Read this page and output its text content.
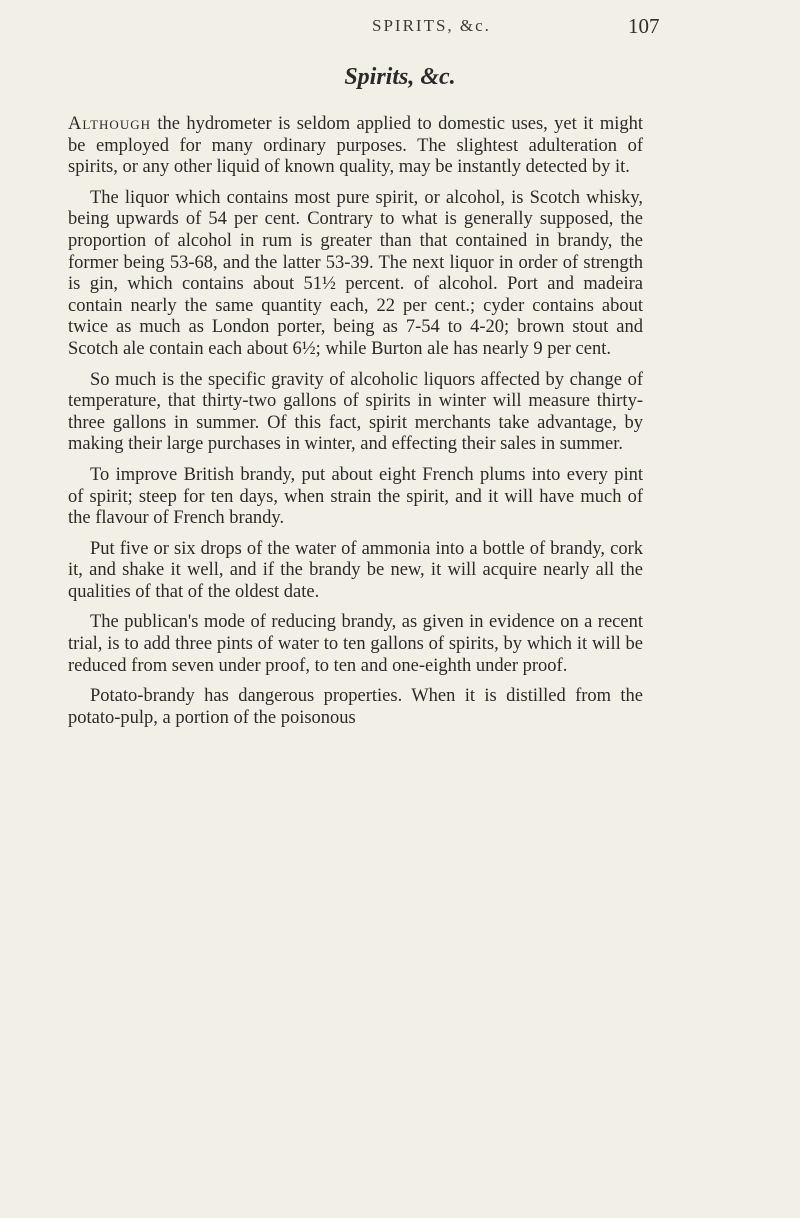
SPIRITS, &c.	107
Spirits, &c.

Although the hydrometer is seldom applied to domestic uses, yet it might be employed for many ordinary purposes. The slightest adulteration of spirits, or any other liquid of known quality, may be instantly detected by it.

The liquor which contains most pure spirit, or alcohol, is Scotch whisky, being upwards of 54 per cent. Contrary to what is generally supposed, the proportion of alcohol in rum is greater than that contained in brandy, the former being 53-68, and the latter 53-39. The next liquor in order of strength is gin, which contains about 51½ percent. of alcohol. Port and madeira contain nearly the same quantity each, 22 per cent.; cyder contains about twice as much as London porter, being as 7-54 to 4-20; brown stout and Scotch ale contain each about 6½; while Burton ale has nearly 9 per cent.

So much is the specific gravity of alcoholic liquors affected by change of temperature, that thirty-two gallons of spirits in winter will measure thirty-three gallons in summer. Of this fact, spirit merchants take advantage, by making their large purchases in winter, and effecting their sales in summer.

To improve British brandy, put about eight French plums into every pint of spirit; steep for ten days, when strain the spirit, and it will have much of the flavour of French brandy.

Put five or six drops of the water of ammonia into a bottle of brandy, cork it, and shake it well, and if the brandy be new, it will acquire nearly all the qualities of that of the oldest date.

The publican's mode of reducing brandy, as given in evidence on a recent trial, is to add three pints of water to ten gallons of spirits, by which it will be reduced from seven under proof, to ten and one-eighth under proof.

Potato-brandy has dangerous properties. When it is distilled from the potato-pulp, a portion of the poisonous
